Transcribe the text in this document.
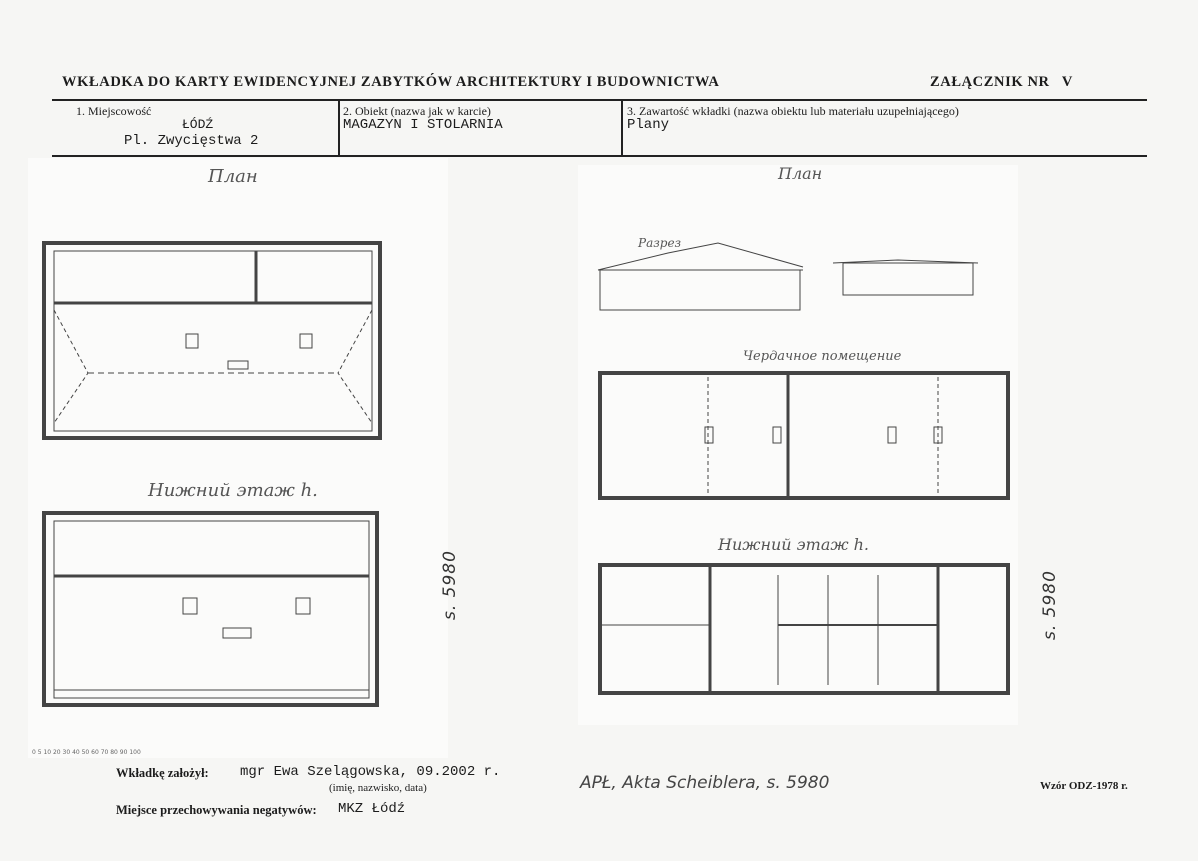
WKŁADKA DO KARTY EWIDENCYJNEJ ZABYTKÓW ARCHITEKTURY I BUDOWNICTWA	ZAŁĄCZNIK NR V
1. Miejscowość
ŁÓDŹ
Pl. Zwycięstwa 2
2. Obiekt (nazwa jak w karcie)
MAGAZYN I STOLARNIA
3. Zawartość wkładki (nazwa obiektu lub materiału uzupełniającego)
Plany
План
Нижний этаж h.
0 5 10 20 30 40 50 60 70 80 90 100
s. 5980
План
Разрез
Чердачное помещение
Нижний этаж h.
s. 5980
Wkładkę założył: mgr Ewa Szelągowska, 09.2002 r.
(imię, nazwisko, data)
Miejsce przechowywania negatywów: MKZ Łódź
APŁ, Akta Scheiblera, s. 5980	Wzór ODZ-1978 r.
